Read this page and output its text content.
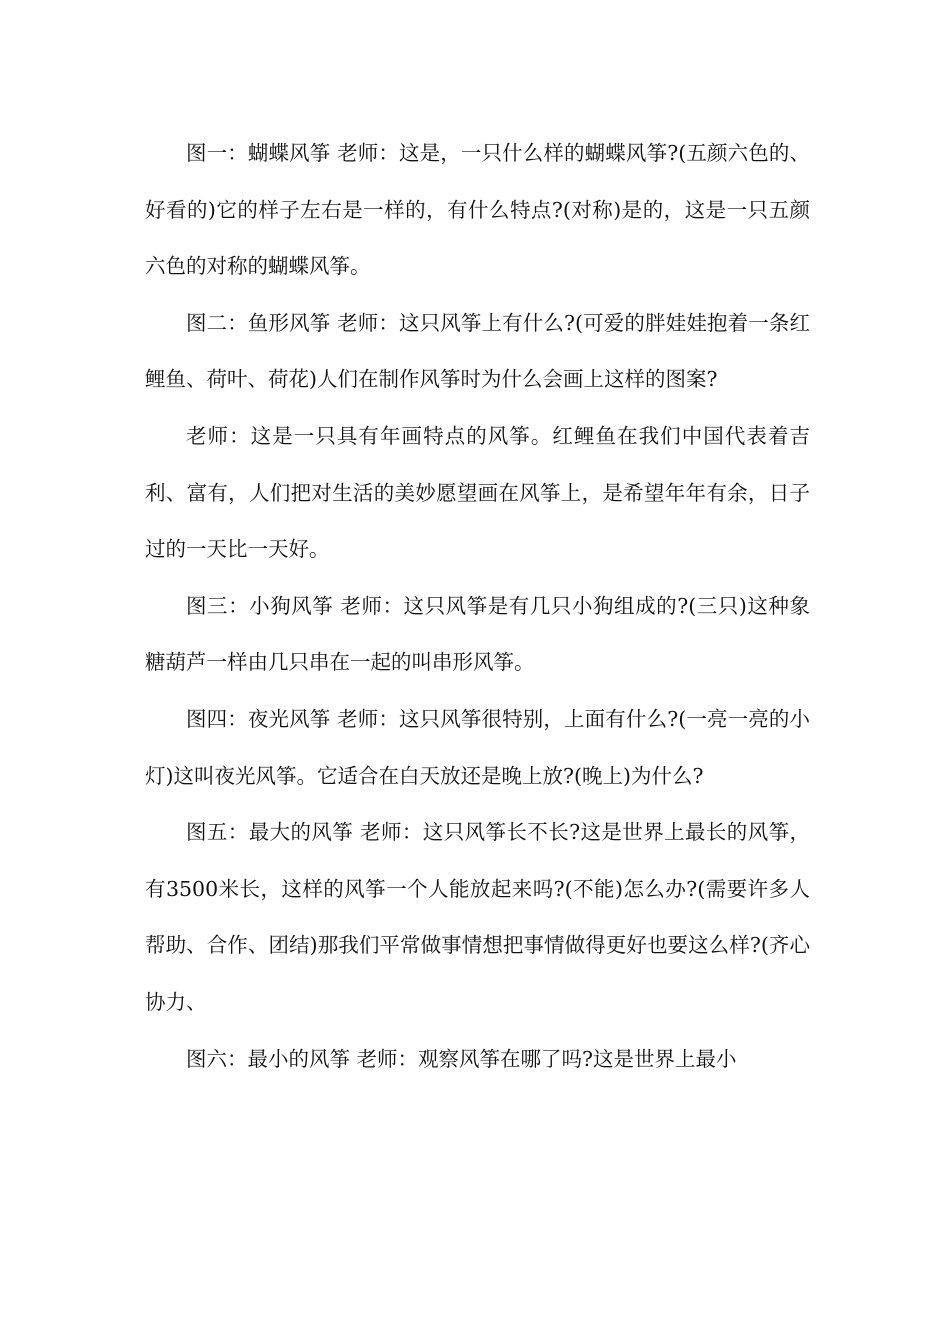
图一：蝴蝶风筝 老师：这是，一只什么样的蝴蝶风筝?(五颜六色的、好看的)它的样子左右是一样的，有什么特点?(对称)是的，这是一只五颜六色的对称的蝴蝶风筝。

图二：鱼形风筝 老师：这只风筝上有什么?(可爱的胖娃娃抱着一条红鲤鱼、荷叶、荷花)人们在制作风筝时为什么会画上这样的图案?

老师：这是一只具有年画特点的风筝。红鲤鱼在我们中国代表着吉利、富有，人们把对生活的美妙愿望画在风筝上，是希望年年有余，日子过的一天比一天好。

图三：小狗风筝 老师：这只风筝是有几只小狗组成的?(三只)这种象糖葫芦一样由几只串在一起的叫串形风筝。

图四：夜光风筝 老师：这只风筝很特别，上面有什么?(一亮一亮的小灯)这叫夜光风筝。它适合在白天放还是晚上放?(晚上)为什么?

图五：最大的风筝 老师：这只风筝长不长?这是世界上最长的风筝，有3500米长，这样的风筝一个人能放起来吗?(不能)怎么办?(需要许多人帮助、合作、团结)那我们平常做事情想把事情做得更好也要这么样?(齐心协力、

图六：最小的风筝 老师：观察风筝在哪了吗?这是世界上最小
